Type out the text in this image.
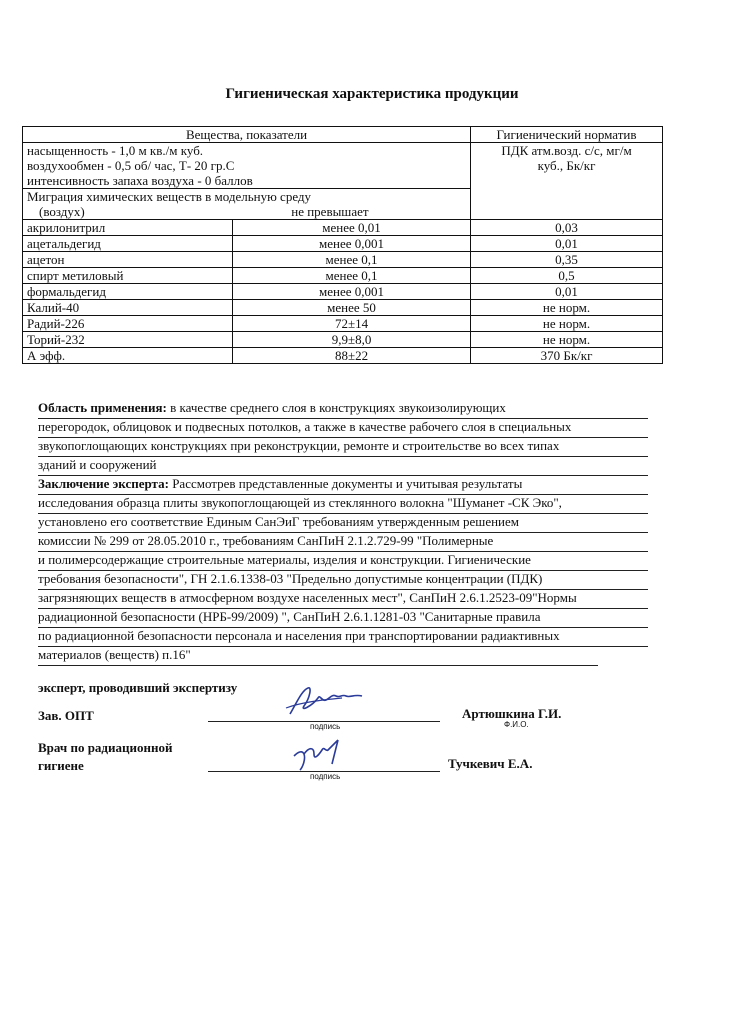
Гигиеническая характеристика продукции
Вещества, показатели		Гигиенический норматив

насыщенность - 1,0 м кв./м куб.
воздухообмен - 0,5 об/ час, Т- 20 гр.С
интенсивность запаха воздуха - 0 баллов		ПДК атм.возд. с/с, мг/м
куб., Бк/кг

Миграция химических веществ в модельную среду
(воздух) не превышает		

акрилонитрил	менее 0,01	0,03
ацетальдегид	менее 0,001	0,01
ацетон	менее 0,1	0,35
спирт метиловый	менее 0,1	0,5
формальдегид	менее 0,001	0,01
Калий-40	менее 50	не норм.
Радий-226	72±14	не норм.
Торий-232	9,9±8,0	не норм.
А эфф.	88±22	370 Бк/кг
Область применения: в качестве среднего слоя в конструкциях звукоизолирующих
перегородок, облицовок и подвесных потолков, а также в качестве рабочего слоя в специальных
звукопоглощающих конструкциях при реконструкции, ремонте и строительстве во всех типах
зданий и сооружений
Заключение эксперта: Рассмотрев представленные документы и учитывая результаты
исследования образца плиты звукопоглощающей из стеклянного волокна "Шуманет -СК Эко",
установлено его соответствие Единым СанЭиГ требованиям утвержденным решением
комиссии № 299 от 28.05.2010 г., требованиям СанПиН 2.1.2.729-99 "Полимерные
и полимерсодержащие строительные материалы, изделия и конструкции. Гигиенические
требования безопасности", ГН 2.1.6.1338-03 "Предельно допустимые концентрации (ПДК)
загрязняющих веществ в атмосферном воздухе населенных мест", СанПиН 2.6.1.2523-09"Нормы
радиационной безопасности (НРБ-99/2009) ", СанПиН 2.6.1.1281-03 "Санитарные правила
по радиационной безопасности персонала и населения при транспортировании радиактивных
материалов (веществ) п.16"
эксперт, проводивший экспертизу
Зав. ОПТ
подпись
Артюшкина Г.И.
Ф.И.О.
Врач по радиационной
гигиене
подпись
Тучкевич Е.А.
